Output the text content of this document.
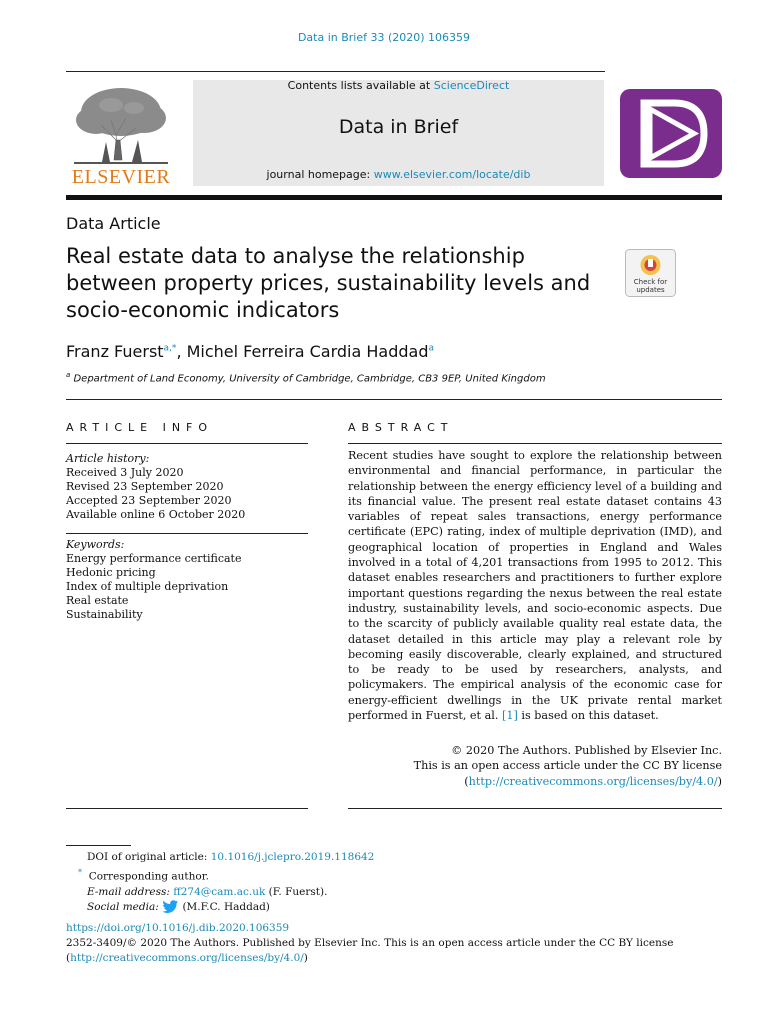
Data in Brief 33 (2020) 106359
ELSEVIER
Contents lists available at ScienceDirect
Data in Brief
journal homepage: www.elsevier.com/locate/dib
Data Article
Real estate data to analyse the relationship between property prices, sustainability levels and socio-economic indicators
Check for
updates
Franz Fuerst$^{a,*}$, Michel Ferreira Cardia Haddad$^a$
$^a$ Department of Land Economy, University of Cambridge, Cambridge, CB3 9EP, United Kingdom
ARTICLE INFO	ABSTRACT
Article history:
Received 3 July 2020
Revised 23 September 2020
Accepted 23 September 2020
Available online 6 October 2020
Keywords:
Energy performance certificate
Hedonic pricing
Index of multiple deprivation
Real estate
Sustainability
Recent studies have sought to explore the relationship between environmental and financial performance, in particular the relationship between the energy efficiency level of a building and its financial value. The present real estate dataset contains 43 variables of repeat sales transactions, energy performance certificate (EPC) rating, index of multiple deprivation (IMD), and geographical location of properties in England and Wales involved in a total of 4,201 transactions from 1995 to 2012. This dataset enables researchers and practitioners to further explore important questions regarding the nexus between the real estate industry, sustainability levels, and socio-economic aspects. Due to the scarcity of publicly available quality real estate data, the dataset detailed in this article may play a relevant role by becoming easily discoverable, clearly explained, and structured to be ready to be used by researchers, analysts, and policymakers. The empirical analysis of the economic case for energy-efficient dwellings in the UK private rental market performed in Fuerst, et al. [1] is based on this dataset.
© 2020 The Authors. Published by Elsevier Inc.
This is an open access article under the CC BY license
(http://creativecommons.org/licenses/by/4.0/)
DOI of original article: 10.1016/j.jclepro.2019.118642
* Corresponding author.
E-mail address: ff274@cam.ac.uk (F. Fuerst).
Social media:  (M.F.C. Haddad)
https://doi.org/10.1016/j.dib.2020.106359
2352-3409/© 2020 The Authors. Published by Elsevier Inc. This is an open access article under the CC BY license
(http://creativecommons.org/licenses/by/4.0/)
